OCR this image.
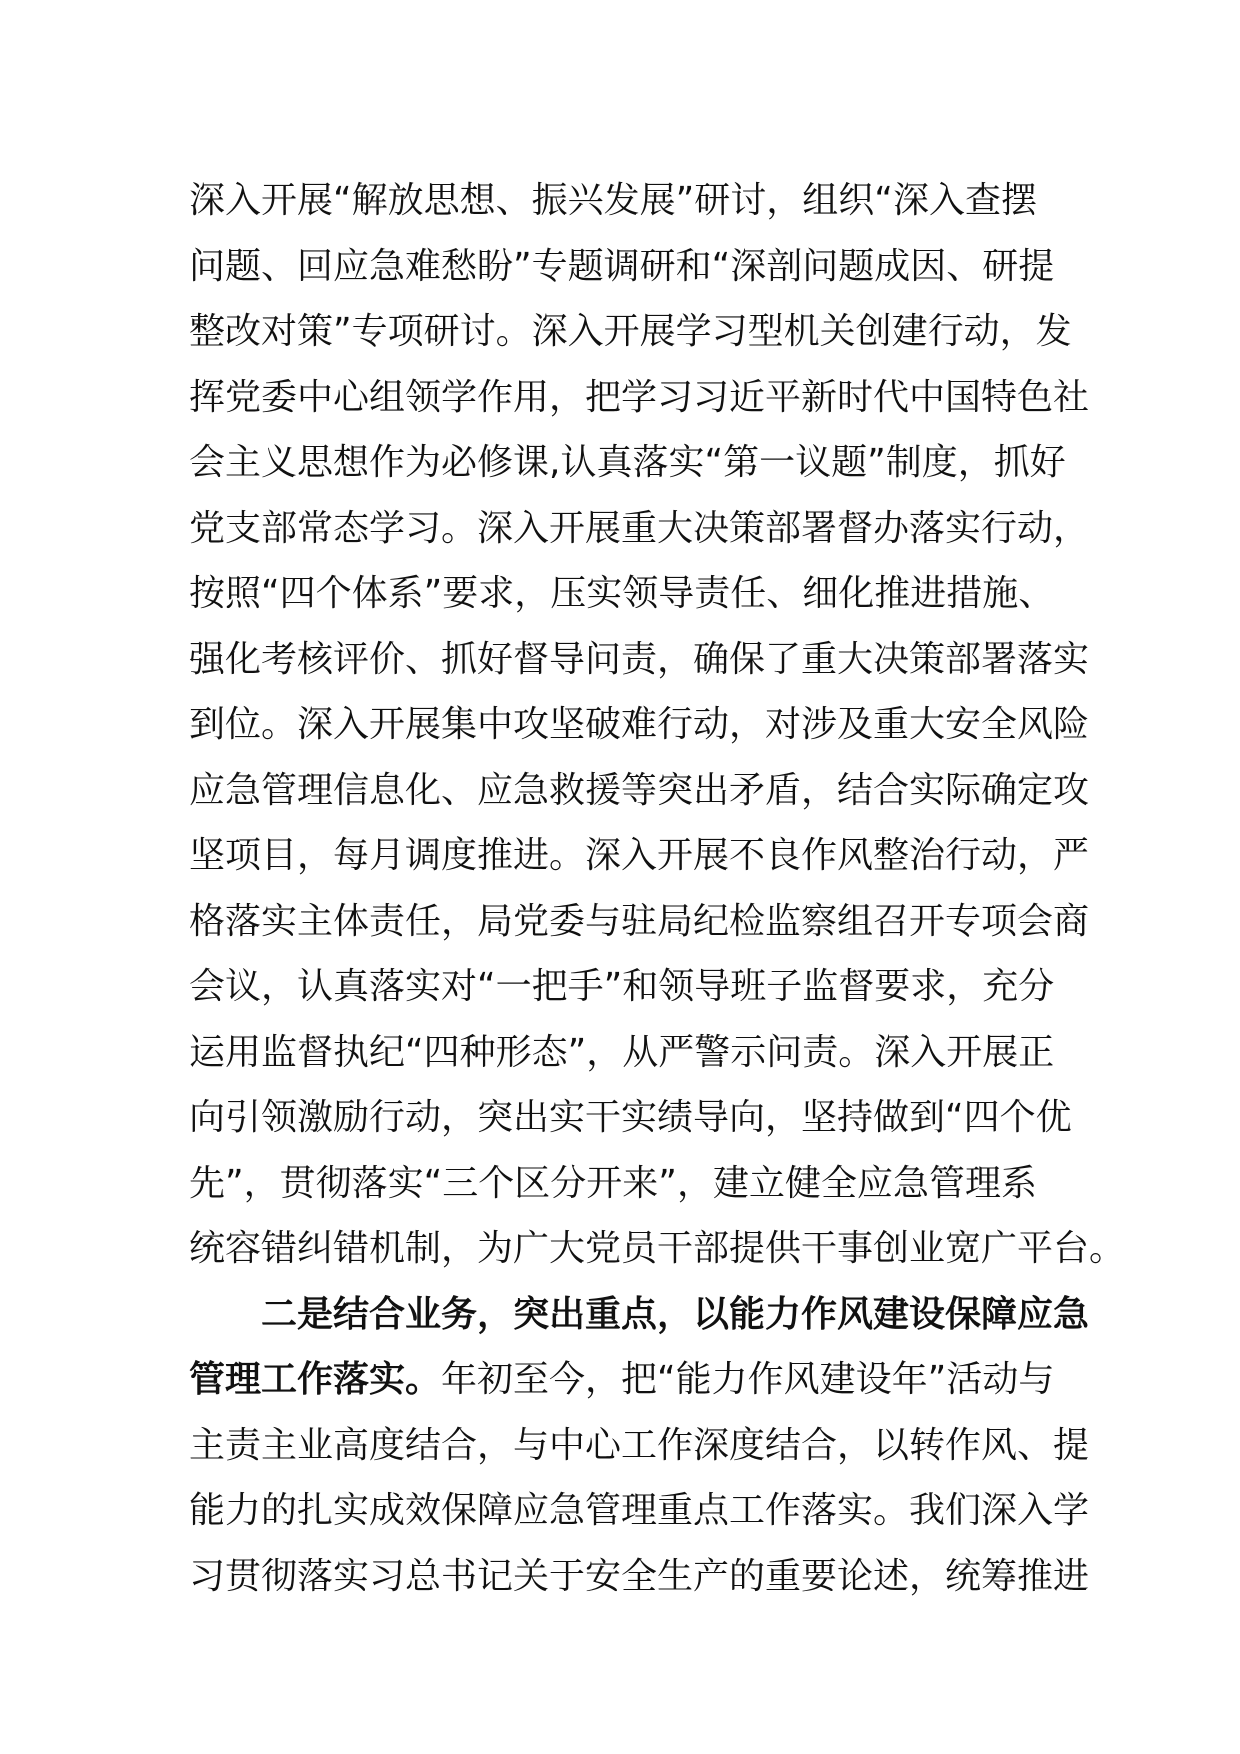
深入开展“解放思想、振兴发展”研讨，组织“深入查摆
问题、回应急难愁盼”专题调研和“深剖问题成因、研提
整改对策”专项研讨。深入开展学习型机关创建行动，发
挥党委中心组领学作用，把学习习近平新时代中国特色社
会主义思想作为必修课,认真落实“第一议题”制度，抓好
党支部常态学习。深入开展重大决策部署督办落实行动，
按照“四个体系”要求，压实领导责任、细化推进措施、
强化考核评价、抓好督导问责，确保了重大决策部署落实
到位。深入开展集中攻坚破难行动，对涉及重大安全风险
应急管理信息化、应急救援等突出矛盾，结合实际确定攻
坚项目，每月调度推进。深入开展不良作风整治行动，严
格落实主体责任，局党委与驻局纪检监察组召开专项会商
会议，认真落实对“一把手”和领导班子监督要求，充分
运用监督执纪“四种形态”，从严警示问责。深入开展正
向引领激励行动，突出实干实绩导向，坚持做到“四个优
先”，贯彻落实“三个区分开来”，建立健全应急管理系
统容错纠错机制，为广大党员干部提供干事创业宽广平台。
二是结合业务，突出重点，以能力作风建设保障应急
管理工作落实。年初至今，把“能力作风建设年”活动与
主责主业高度结合，与中心工作深度结合，以转作风、提
能力的扎实成效保障应急管理重点工作落实。我们深入学
习贯彻落实习总书记关于安全生产的重要论述，统筹推进
